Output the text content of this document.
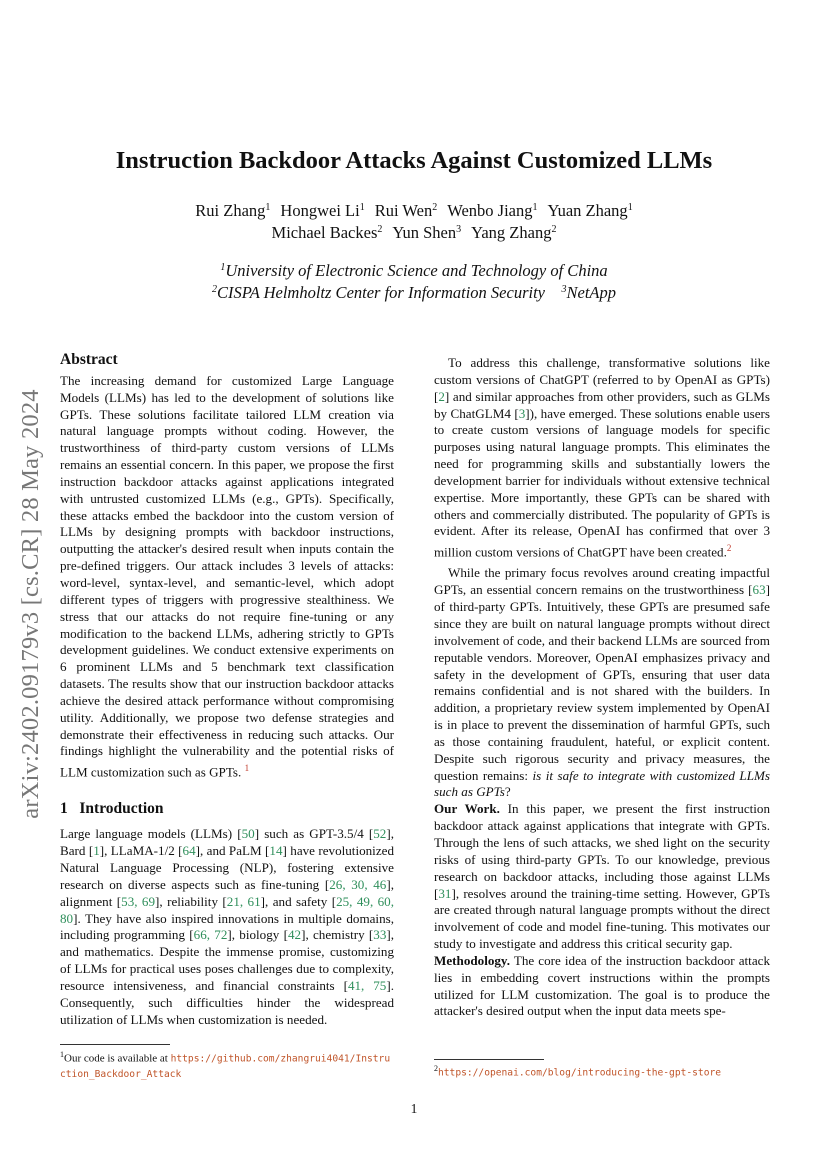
arXiv:2402.09179v3 [cs.CR] 28 May 2024
Instruction Backdoor Attacks Against Customized LLMs
Rui Zhang$^1$ Hongwei Li$^1$ Rui Wen$^2$ Wenbo Jiang$^1$ Yuan Zhang$^1$
Michael Backes$^2$ Yun Shen$^3$ Yang Zhang$^2$
$^1$University of Electronic Science and Technology of China
$^2$CISPA Helmholtz Center for Information Security $^3$NetApp
Abstract

The increasing demand for customized Large Language Models (LLMs) has led to the development of solutions like GPTs. These solutions facilitate tailored LLM creation via natural language prompts without coding. However, the trustworthiness of third-party custom versions of LLMs remains an essential concern. In this paper, we propose the first instruction backdoor attacks against applications integrated with untrusted customized LLMs (e.g., GPTs). Specifically, these attacks embed the backdoor into the custom version of LLMs by designing prompts with backdoor instructions, outputting the attacker's desired result when inputs contain the pre-defined triggers. Our attack includes 3 levels of attacks: word-level, syntax-level, and semantic-level, which adopt different types of triggers with progressive stealthiness. We stress that our attacks do not require fine-tuning or any modification to the backend LLMs, adhering strictly to GPTs development guidelines. We conduct extensive experiments on 6 prominent LLMs and 5 benchmark text classification datasets. The results show that our instruction backdoor attacks achieve the desired attack performance without compromising utility. Additionally, we propose two defense strategies and demonstrate their effectiveness in reducing such attacks. Our findings highlight the vulnerability and the potential risks of LLM customization such as GPTs. $^1$

1 Introduction

Large language models (LLMs) [50] such as GPT-3.5/4 [52], Bard [1], LLaMA-1/2 [64], and PaLM [14] have revolutionized Natural Language Processing (NLP), fostering extensive research on diverse aspects such as fine-tuning [26, 30, 46], alignment [53, 69], reliability [21, 61], and safety [25, 49, 60, 80]. They have also inspired innovations in multiple domains, including programming [66, 72], biology [42], chemistry [33], and mathematics. Despite the immense promise, customizing of LLMs for practical uses poses challenges due to complexity, resource intensiveness, and financial constraints [41, 75]. Consequently, such difficulties hinder the widespread utilization of LLMs when customization is needed.

To address this challenge, transformative solutions like custom versions of ChatGPT (referred to by OpenAI as GPTs) [2] and similar approaches from other providers, such as GLMs by ChatGLM4 [3]), have emerged. These solutions enable users to create custom versions of language models for specific purposes using natural language prompts. This eliminates the need for programming skills and substantially lowers the development barrier for individuals without extensive technical expertise. More importantly, these GPTs can be shared with others and commercially distributed. The popularity of GPTs is evident. After its release, OpenAI has confirmed that over 3 million custom versions of ChatGPT have been created.$^2$

While the primary focus revolves around creating impactful GPTs, an essential concern remains on the trustworthiness [63] of third-party GPTs. Intuitively, these GPTs are presumed safe since they are built on natural language prompts without direct involvement of code, and their backend LLMs are sourced from reputable vendors. Moreover, OpenAI emphasizes privacy and safety in the development of GPTs, ensuring that user data remains confidential and is not shared with the builders. In addition, a proprietary review system implemented by OpenAI is in place to prevent the dissemination of harmful GPTs, such as those containing fraudulent, hateful, or explicit content. Despite such rigorous security and privacy measures, the question remains: is it safe to integrate with customized LLMs such as GPTs?

Our Work. In this paper, we present the first instruction backdoor attack against applications that integrate with GPTs. Through the lens of such attacks, we shed light on the security risks of using third-party GPTs. To our knowledge, previous research on backdoor attacks, including those against LLMs [31], resolves around the training-time setting. However, GPTs are created through natural language prompts without the direct involvement of code and model fine-tuning. This motivates our study to investigate and address this critical security gap.

Methodology. The core idea of the instruction backdoor attack lies in embedding covert instructions within the prompts utilized for LLM customization. The goal is to produce the attacker's desired output when the input data meets spe-

$^1$Our code is available at https://github.com/zhangrui4041/Instruction_Backdoor_Attack
$^2$https://openai.com/blog/introducing-the-gpt-store
1
